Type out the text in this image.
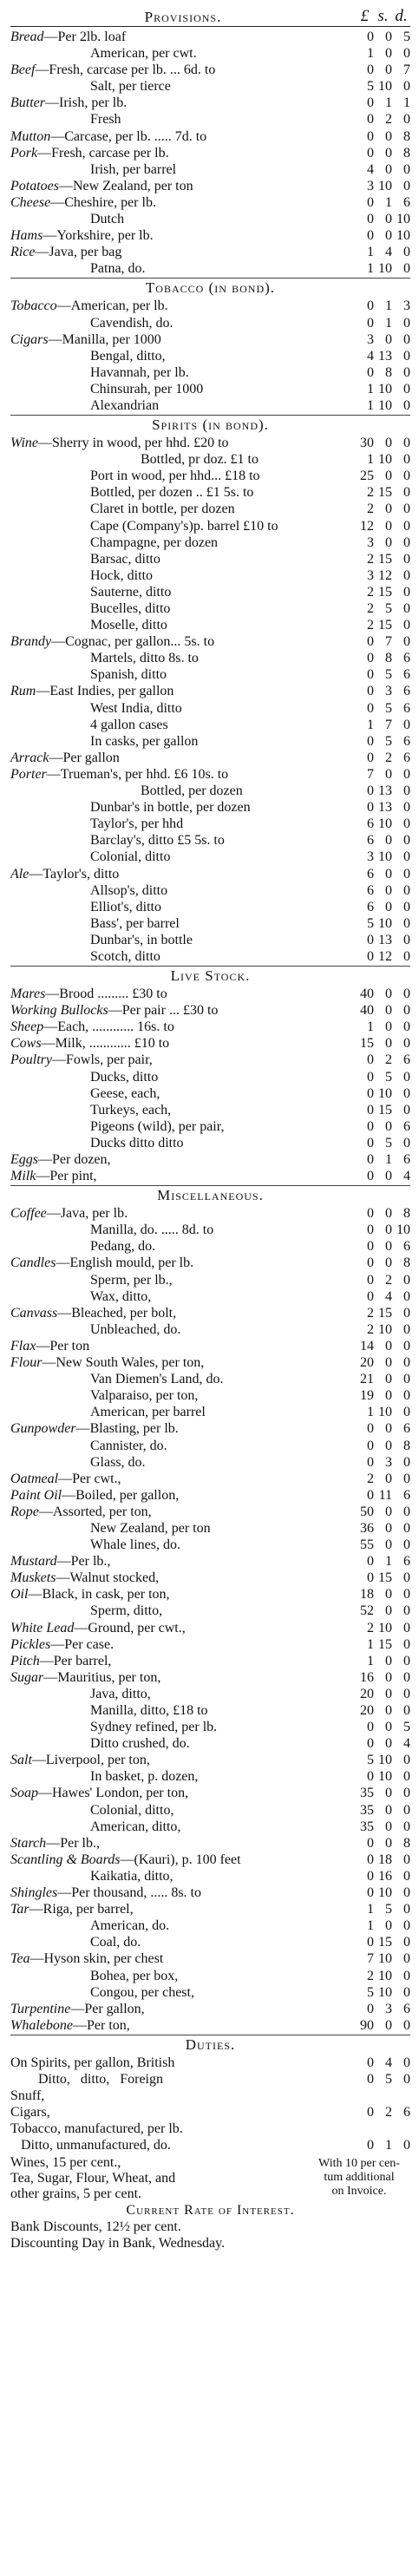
Provisions.	£ s. d.
Bread—Per 2lb. loaf	0 0 5
American, per cwt.	1 0 0
Beef—Fresh, carcase per lb. ... 6d. to	0 0 7
Salt, per tierce	5 10 0
Butter—Irish, per lb.	0 1 1
Fresh	0 2 0
Mutton—Carcase, per lb. ..... 7d. to	0 0 8
Pork—Fresh, carcase per lb.	0 0 8
Irish, per barrel	4 0 0
Potatoes—New Zealand, per ton	3 10 0
Cheese—Cheshire, per lb.	0 1 6
Dutch	0 0 10
Hams—Yorkshire, per lb.	0 0 10
Rice—Java, per bag	1 4 0
Patna, do.	1 10 0
Tobacco (in bond).
Tobacco—American, per lb.	0 1 3
Cavendish, do.	0 1 0
Cigars—Manilla, per 1000	3 0 0
Bengal, ditto,	4 13 0
Havannah, per lb.	0 8 0
Chinsurah, per 1000	1 10 0
Alexandrian	1 10 0
Spirits (in bond).
Wine—Sherry in wood, per hhd. £20 to	30 0 0
Bottled, pr doz. £1 to	1 10 0
Port in wood, per hhd... £18 to	25 0 0
Bottled, per dozen .. £1 5s. to	2 15 0
Claret in bottle, per dozen	2 0 0
Cape (Company's)p. barrel £10 to	12 0 0
Champagne, per dozen	3 0 0
Barsac, ditto	2 15 0
Hock, ditto	3 12 0
Sauterne, ditto	2 15 0
Bucelles, ditto	2 5 0
Moselle, ditto	2 15 0
Brandy—Cognac, per gallon... 5s. to	0 7 0
Martels, ditto 8s. to	0 8 6
Spanish, ditto	0 5 6
Rum—East Indies, per gallon	0 3 6
West India, ditto	0 5 6
4 gallon cases	1 7 0
In casks, per gallon	0 5 6
Arrack—Per gallon	0 2 6
Porter—Trueman's, per hhd. £6 10s. to	7 0 0
Bottled, per dozen	0 13 0
Dunbar's in bottle, per dozen	0 13 0
Taylor's, per hhd	6 10 0
Barclay's, ditto £5 5s. to	6 0 0
Colonial, ditto	3 10 0
Ale—Taylor's, ditto	6 0 0
Allsop's, ditto	6 0 0
Elliot's, ditto	6 0 0
Bass', per barrel	5 10 0
Dunbar's, in bottle	0 13 0
Scotch, ditto	0 12 0
Live Stock.
Mares—Brood ......... £30 to	40 0 0
Working Bullocks—Per pair ... £30 to	40 0 0
Sheep—Each, ............ 16s. to	1 0 0
Cows—Milk, ............ £10 to	15 0 0
Poultry—Fowls, per pair,	0 2 6
Ducks, ditto	0 5 0
Geese, each,	0 10 0
Turkeys, each,	0 15 0
Pigeons (wild), per pair,	0 0 6
Ducks ditto ditto	0 5 0
Eggs—Per dozen,	0 1 6
Milk—Per pint,	0 0 4
Miscellaneous.
Coffee—Java, per lb.	0 0 8
Manilla, do. ..... 8d. to	0 0 10
Pedang, do.	0 0 6
Candles—English mould, per lb.	0 0 8
Sperm, per lb.,	0 2 0
Wax, ditto,	0 4 0
Canvass—Bleached, per bolt,	2 15 0
Unbleached, do.	2 10 0
Flax—Per ton	14 0 0
Flour—New South Wales, per ton,	20 0 0
Van Diemen's Land, do.	21 0 0
Valparaiso, per ton,	19 0 0
American, per barrel	1 10 0
Gunpowder—Blasting, per lb.	0 0 6
Cannister, do.	0 0 8
Glass, do.	0 3 0
Oatmeal—Per cwt.,	2 0 0
Paint Oil—Boiled, per gallon,	0 11 6
Rope—Assorted, per ton,	50 0 0
New Zealand, per ton	36 0 0
Whale lines, do.	55 0 0
Mustard—Per lb.,	0 1 6
Muskets—Walnut stocked,	0 15 0
Oil—Black, in cask, per ton,	18 0 0
Sperm, ditto,	52 0 0
White Lead—Ground, per cwt.,	2 10 0
Pickles—Per case.	1 15 0
Pitch—Per barrel,	1 0 0
Sugar—Mauritius, per ton,	16 0 0
Java, ditto,	20 0 0
Manilla, ditto, £18 to	20 0 0
Sydney refined, per lb.	0 0 5
Ditto crushed, do.	0 0 4
Salt—Liverpool, per ton,	5 10 0
In basket, p. dozen,	0 10 0
Soap—Hawes' London, per ton,	35 0 0
Colonial, ditto,	35 0 0
American, ditto,	35 0 0
Starch—Per lb.,	0 0 8
Scantling & Boards—(Kauri), p. 100 feet	0 18 0
Kaikatia, ditto,	0 16 0
Shingles—Per thousand, ..... 8s. to	0 10 0
Tar—Riga, per barrel,	1 5 0
American, do.	1 0 0
Coal, do.	0 15 0
Tea—Hyson skin, per chest	7 10 0
Bohea, per box,	2 10 0
Congou, per chest,	5 10 0
Turpentine—Per gallon,	0 3 6
Whalebone—Per ton,	90 0 0
Duties.
On Spirits, per gallon, British	0 4 0
Ditto,   ditto,   Foreign	0 5 0
Snuff,
Cigars,	0 2 6
Tobacco, manufactured, per lb.
Ditto, unmanufactured, do.	0 1 0
Wines, 15 per cent.,
Tea, Sugar, Flour, Wheat, and
other grains, 5 per cent.
With 10 per cen-
tum additional
on Invoice.
Current Rate of Interest.
Bank Discounts, 12½ per cent.
Discounting Day in Bank, Wednesday.
